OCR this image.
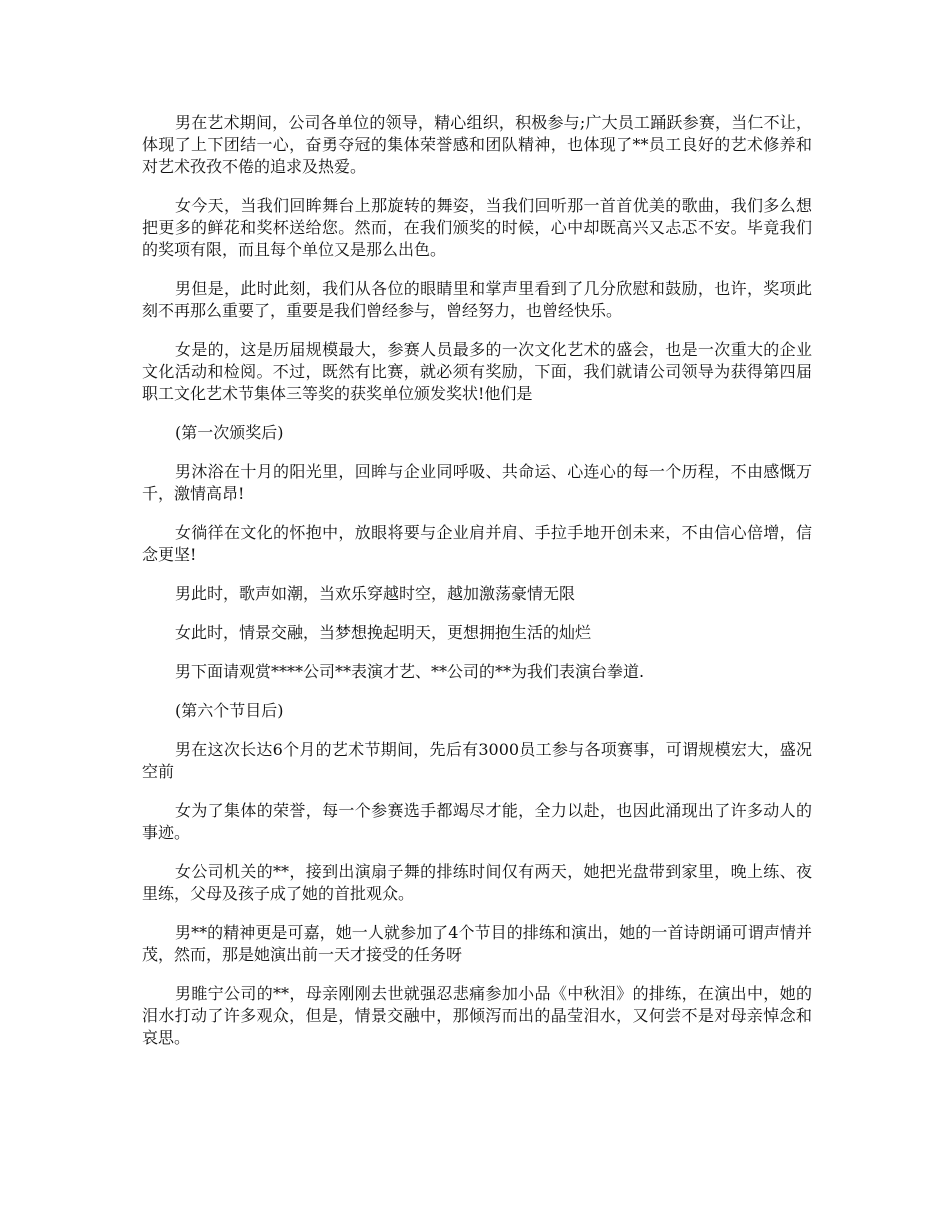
男在艺术期间，公司各单位的领导，精心组织，积极参与;广大员工踊跃参赛，当仁不让，体现了上下团结一心，奋勇夺冠的集体荣誉感和团队精神，也体现了**员工良好的艺术修养和对艺术孜孜不倦的追求及热爱。

女今天，当我们回眸舞台上那旋转的舞姿，当我们回听那一首首优美的歌曲，我们多么想把更多的鲜花和奖杯送给您。然而，在我们颁奖的时候，心中却既高兴又忐忑不安。毕竟我们的奖项有限，而且每个单位又是那么出色。

男但是，此时此刻，我们从各位的眼睛里和掌声里看到了几分欣慰和鼓励，也许，奖项此刻不再那么重要了，重要是我们曾经参与，曾经努力，也曾经快乐。

女是的，这是历届规模最大，参赛人员最多的一次文化艺术的盛会，也是一次重大的企业文化活动和检阅。不过，既然有比赛，就必须有奖励，下面，我们就请公司领导为获得第四届职工文化艺术节集体三等奖的获奖单位颁发奖状!他们是

(第一次颁奖后)

男沐浴在十月的阳光里，回眸与企业同呼吸、共命运、心连心的每一个历程，不由感慨万千，激情高昂!

女徜徉在文化的怀抱中，放眼将要与企业肩并肩、手拉手地开创未来，不由信心倍增，信念更坚!

男此时，歌声如潮，当欢乐穿越时空，越加激荡豪情无限

女此时，情景交融，当梦想挽起明天，更想拥抱生活的灿烂

男下面请观赏****公司**表演才艺、**公司的**为我们表演台拳道.

(第六个节目后)

男在这次长达6个月的艺术节期间，先后有3000员工参与各项赛事，可谓规模宏大，盛况空前

女为了集体的荣誉，每一个参赛选手都竭尽才能，全力以赴，也因此涌现出了许多动人的事迹。

女公司机关的**，接到出演扇子舞的排练时间仅有两天，她把光盘带到家里，晚上练、夜里练，父母及孩子成了她的首批观众。

男**的精神更是可嘉，她一人就参加了4个节目的排练和演出，她的一首诗朗诵可谓声情并茂，然而，那是她演出前一天才接受的任务呀

男睢宁公司的**，母亲刚刚去世就强忍悲痛参加小品《中秋泪》的排练，在演出中，她的泪水打动了许多观众，但是，情景交融中，那倾泻而出的晶莹泪水，又何尝不是对母亲悼念和哀思。
